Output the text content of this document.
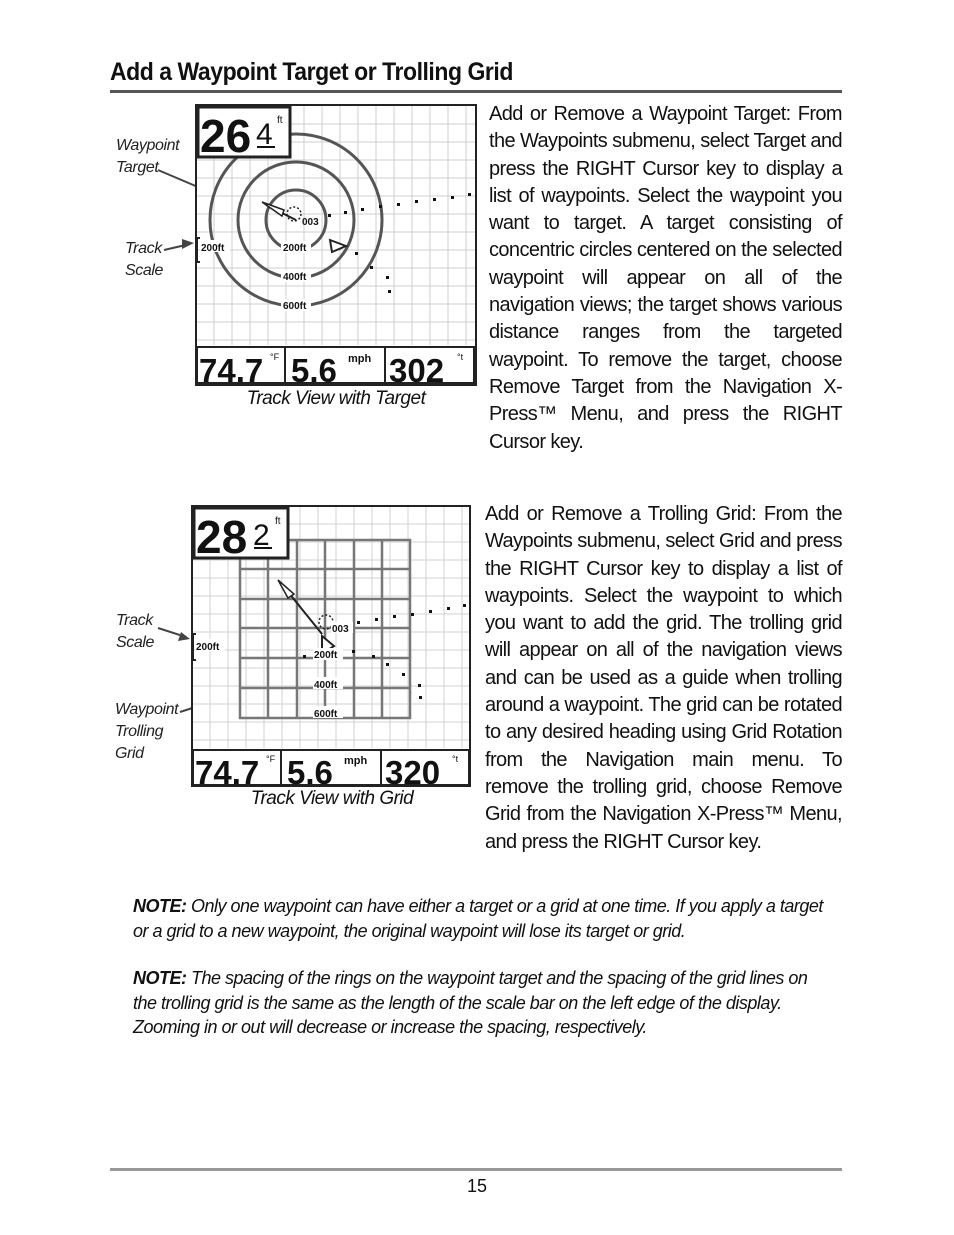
Add a Waypoint Target or Trolling Grid
Waypoint Target
Track Scale
003
200ft
400ft
600ft
200ft
26 4 ft
74.7 °F 5.6 mph 302 °t
Track View with Target
Add or Remove a Waypoint Target: From the Waypoints submenu, select Target and press the RIGHT Cursor key to display a list of waypoints. Select the waypoint you want to target. A target consisting of concentric circles centered on the selected waypoint will appear on all of the navigation views; the target shows various distance ranges from the targeted waypoint. To remove the target, choose Remove Target from the Navigation X-Press™ Menu, and press the RIGHT Cursor key.
Track Scale
Waypoint Trolling Grid
003
200ft
400ft
600ft
200ft
28 2 ft
74.7 °F 5.6 mph 320 °t
Track View with Grid
Add or Remove a Trolling Grid: From the Waypoints submenu, select Grid and press the RIGHT Cursor key to display a list of waypoints. Select the waypoint to which you want to add the grid. The trolling grid will appear on all of the navigation views and can be used as a guide when trolling around a waypoint. The grid can be rotated to any desired heading using Grid Rotation from the Navigation main menu. To remove the trolling grid, choose Remove Grid from the Navigation X-Press™ Menu, and press the RIGHT Cursor key.
NOTE: Only one waypoint can have either a target or a grid at one time. If you apply a target or a grid to a new waypoint, the original waypoint will lose its target or grid.
NOTE: The spacing of the rings on the waypoint target and the spacing of the grid lines on the trolling grid is the same as the length of the scale bar on the left edge of the display. Zooming in or out will decrease or increase the spacing, respectively.
15
